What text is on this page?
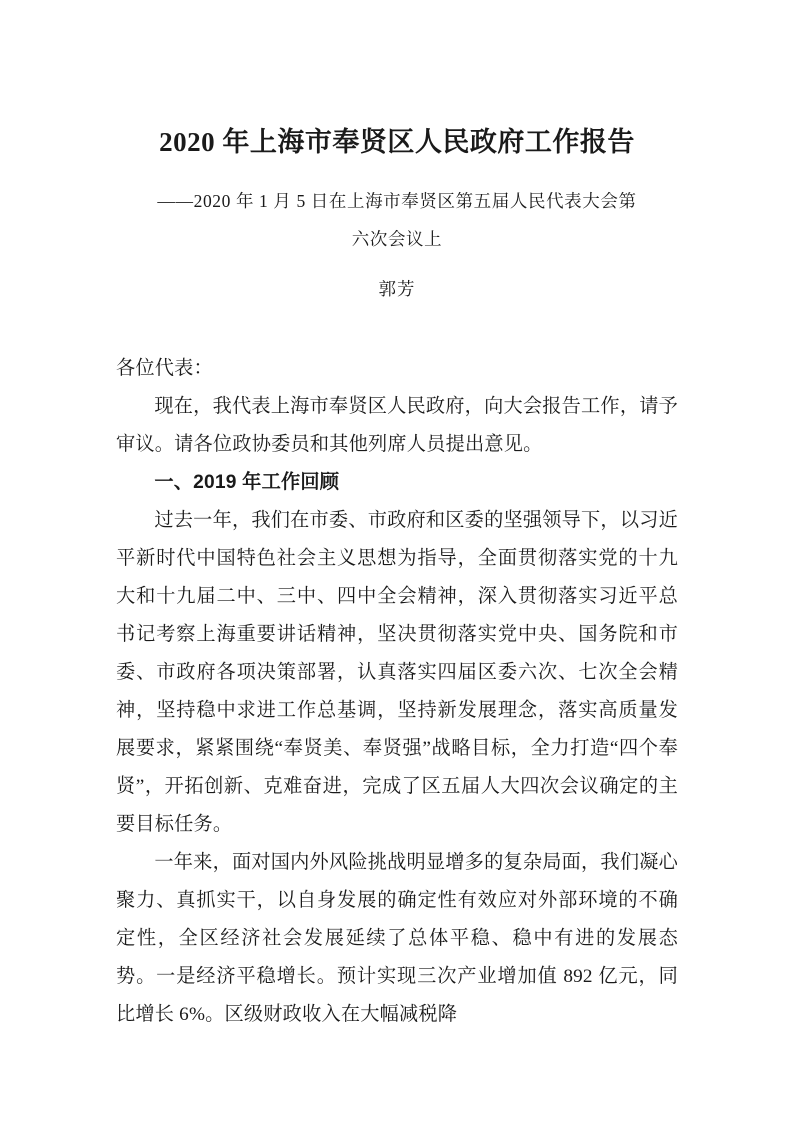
2020 年上海市奉贤区人民政府工作报告
——2020 年 1 月 5 日在上海市奉贤区第五届人民代表大会第
六次会议上
郭芳

各位代表：

现在，我代表上海市奉贤区人民政府，向大会报告工作，请予审议。请各位政协委员和其他列席人员提出意见。

一、2019 年工作回顾

过去一年，我们在市委、市政府和区委的坚强领导下，以习近平新时代中国特色社会主义思想为指导，全面贯彻落实党的十九大和十九届二中、三中、四中全会精神，深入贯彻落实习近平总书记考察上海重要讲话精神，坚决贯彻落实党中央、国务院和市委、市政府各项决策部署，认真落实四届区委六次、七次全会精神，坚持稳中求进工作总基调，坚持新发展理念，落实高质量发展要求，紧紧围绕“奉贤美、奉贤强”战略目标，全力打造“四个奉贤”，开拓创新、克难奋进，完成了区五届人大四次会议确定的主要目标任务。

一年来，面对国内外风险挑战明显增多的复杂局面，我们凝心聚力、真抓实干，以自身发展的确定性有效应对外部环境的不确定性，全区经济社会发展延续了总体平稳、稳中有进的发展态势。一是经济平稳增长。预计实现三次产业增加值 892 亿元，同比增长 6%。区级财政收入在大幅减税降
